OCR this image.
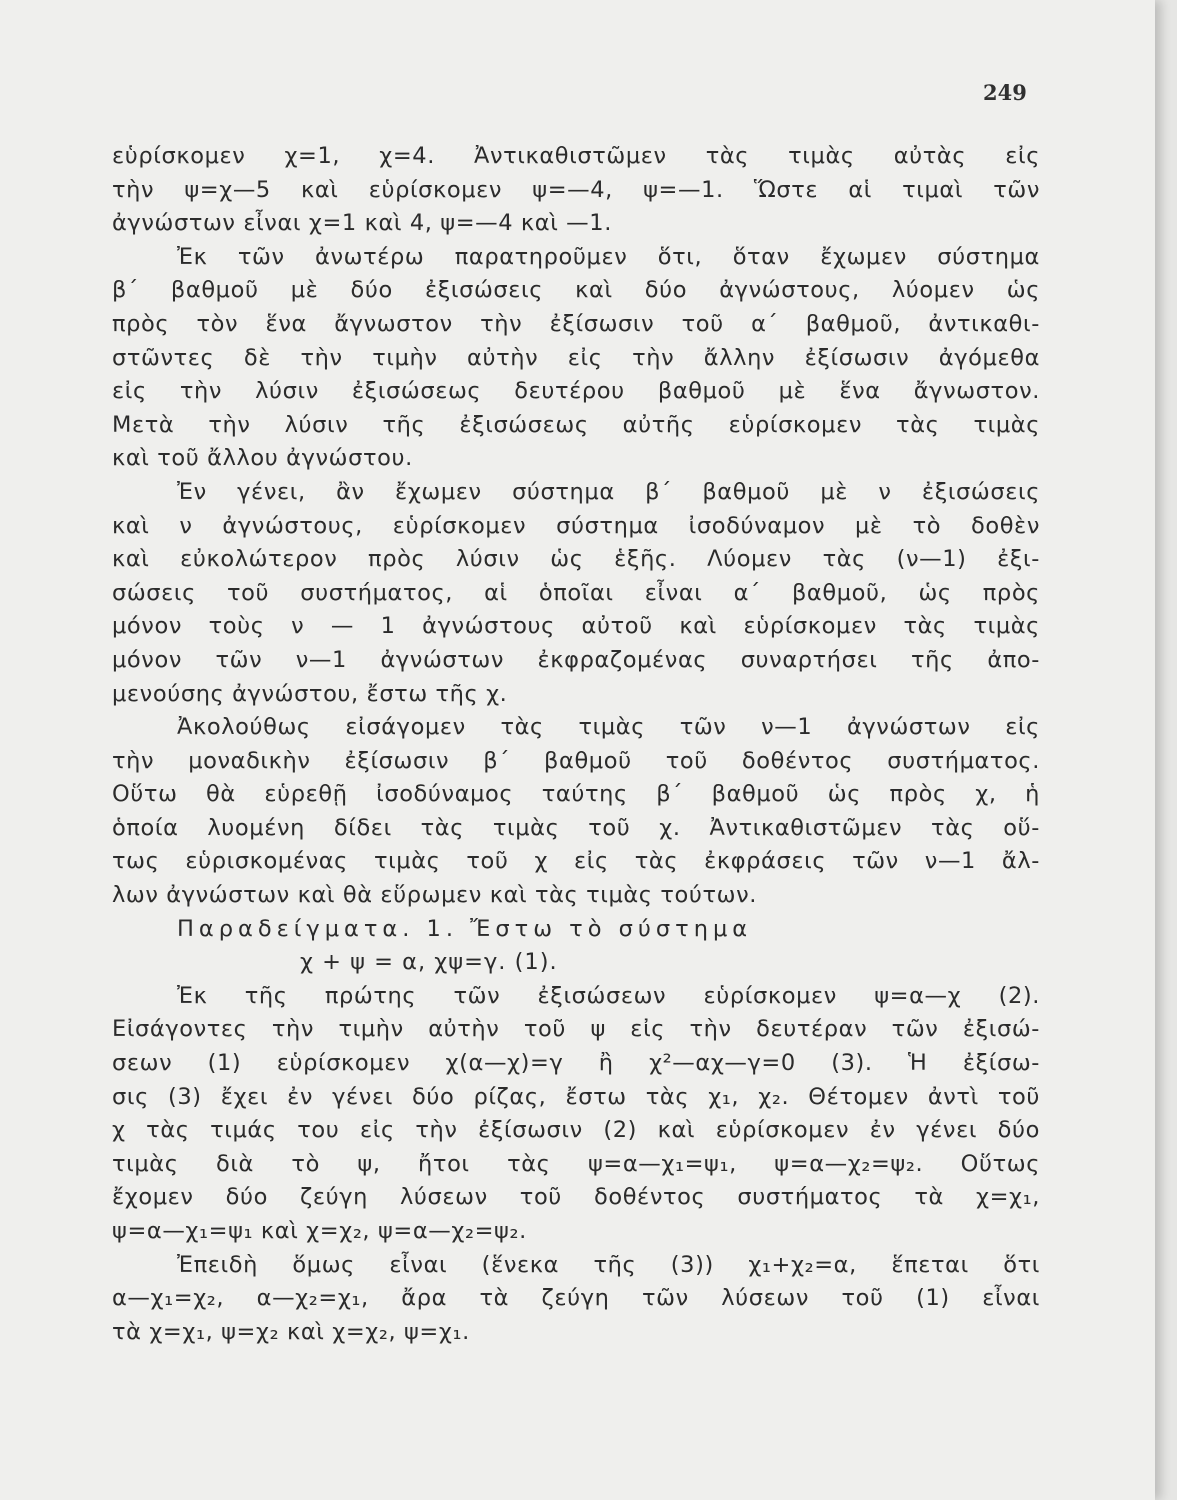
249
εὑρίσκομεν χ=1, χ=4. Ἀντικαθιστῶμεν τὰς τιμὰς αὐτὰς εἰς
τὴν ψ=χ—5 καὶ εὑρίσκομεν ψ=—4, ψ=—1. Ὥστε αἱ τιμαὶ τῶν
ἀγνώστων εἶναι χ=1 καὶ 4, ψ=—4 καὶ —1.
Ἐκ τῶν ἀνωτέρω παρατηροῦμεν ὅτι, ὅταν ἔχωμεν σύστημα
β΄ βαθμοῦ μὲ δύο ἐξισώσεις καὶ δύο ἀγνώστους, λύομεν ὡς
πρὸς τὸν ἕνα ἄγνωστον τὴν ἐξίσωσιν τοῦ α΄ βαθμοῦ, ἀντικαθι-
στῶντες δὲ τὴν τιμὴν αὐτὴν εἰς τὴν ἄλλην ἐξίσωσιν ἀγόμεθα
εἰς τὴν λύσιν ἐξισώσεως δευτέρου βαθμοῦ μὲ ἕνα ἄγνωστον.
Μετὰ τὴν λύσιν τῆς ἐξισώσεως αὐτῆς εὑρίσκομεν τὰς τιμὰς
καὶ τοῦ ἄλλου ἀγνώστου.
Ἐν γένει, ἂν ἔχωμεν σύστημα β΄ βαθμοῦ μὲ ν ἐξισώσεις
καὶ ν ἀγνώστους, εὑρίσκομεν σύστημα ἰσοδύναμον μὲ τὸ δοθὲν
καὶ εὐκολώτερον πρὸς λύσιν ὡς ἑξῆς. Λύομεν τὰς (ν—1) ἐξι-
σώσεις τοῦ συστήματος, αἱ ὁποῖαι εἶναι α΄ βαθμοῦ, ὡς πρὸς
μόνον τοὺς ν — 1 ἀγνώστους αὐτοῦ καὶ εὑρίσκομεν τὰς τιμὰς
μόνον τῶν ν—1 ἀγνώστων ἐκφραζομένας συναρτήσει τῆς ἀπο-
μενούσης ἀγνώστου, ἔστω τῆς χ.
Ἀκολούθως εἰσάγομεν τὰς τιμὰς τῶν ν—1 ἀγνώστων εἰς
τὴν μοναδικὴν ἐξίσωσιν β΄ βαθμοῦ τοῦ δοθέντος συστήματος.
Οὕτω θὰ εὑρεθῇ ἰσοδύναμος ταύτης β΄ βαθμοῦ ὡς πρὸς χ, ἡ
ὁποία λυομένη δίδει τὰς τιμὰς τοῦ χ. Ἀντικαθιστῶμεν τὰς οὕ-
τως εὑρισκομένας τιμὰς τοῦ χ εἰς τὰς ἐκφράσεις τῶν ν—1 ἄλ-
λων ἀγνώστων καὶ θὰ εὕρωμεν καὶ τὰς τιμὰς τούτων.
Παραδείγματα. 1. Ἔστω τὸ σύστημα
χ + ψ = α, χψ=γ. (1).
Ἐκ τῆς πρώτης τῶν ἐξισώσεων εὑρίσκομεν ψ=α—χ (2).
Εἰσάγοντες τὴν τιμὴν αὐτὴν τοῦ ψ εἰς τὴν δευτέραν τῶν ἐξισώ-
σεων (1) εὑρίσκομεν χ(α—χ)=γ ἢ χ²—αχ—γ=0 (3). Ἡ ἐξίσω-
σις (3) ἔχει ἐν γένει δύο ρίζας, ἔστω τὰς χ₁, χ₂. Θέτομεν ἀντὶ τοῦ
χ τὰς τιμάς του εἰς τὴν ἐξίσωσιν (2) καὶ εὑρίσκομεν ἐν γένει δύο
τιμὰς διὰ τὸ ψ, ἤτοι τὰς ψ=α—χ₁=ψ₁, ψ=α—χ₂=ψ₂. Οὕτως
ἔχομεν δύο ζεύγη λύσεων τοῦ δοθέντος συστήματος τὰ χ=χ₁,
ψ=α—χ₁=ψ₁ καὶ χ=χ₂, ψ=α—χ₂=ψ₂.
Ἐπειδὴ ὅμως εἶναι (ἕνεκα τῆς (3)) χ₁+χ₂=α, ἕπεται ὅτι
α—χ₁=χ₂, α—χ₂=χ₁, ἄρα τὰ ζεύγη τῶν λύσεων τοῦ (1) εἶναι
τὰ χ=χ₁, ψ=χ₂ καὶ χ=χ₂, ψ=χ₁.
